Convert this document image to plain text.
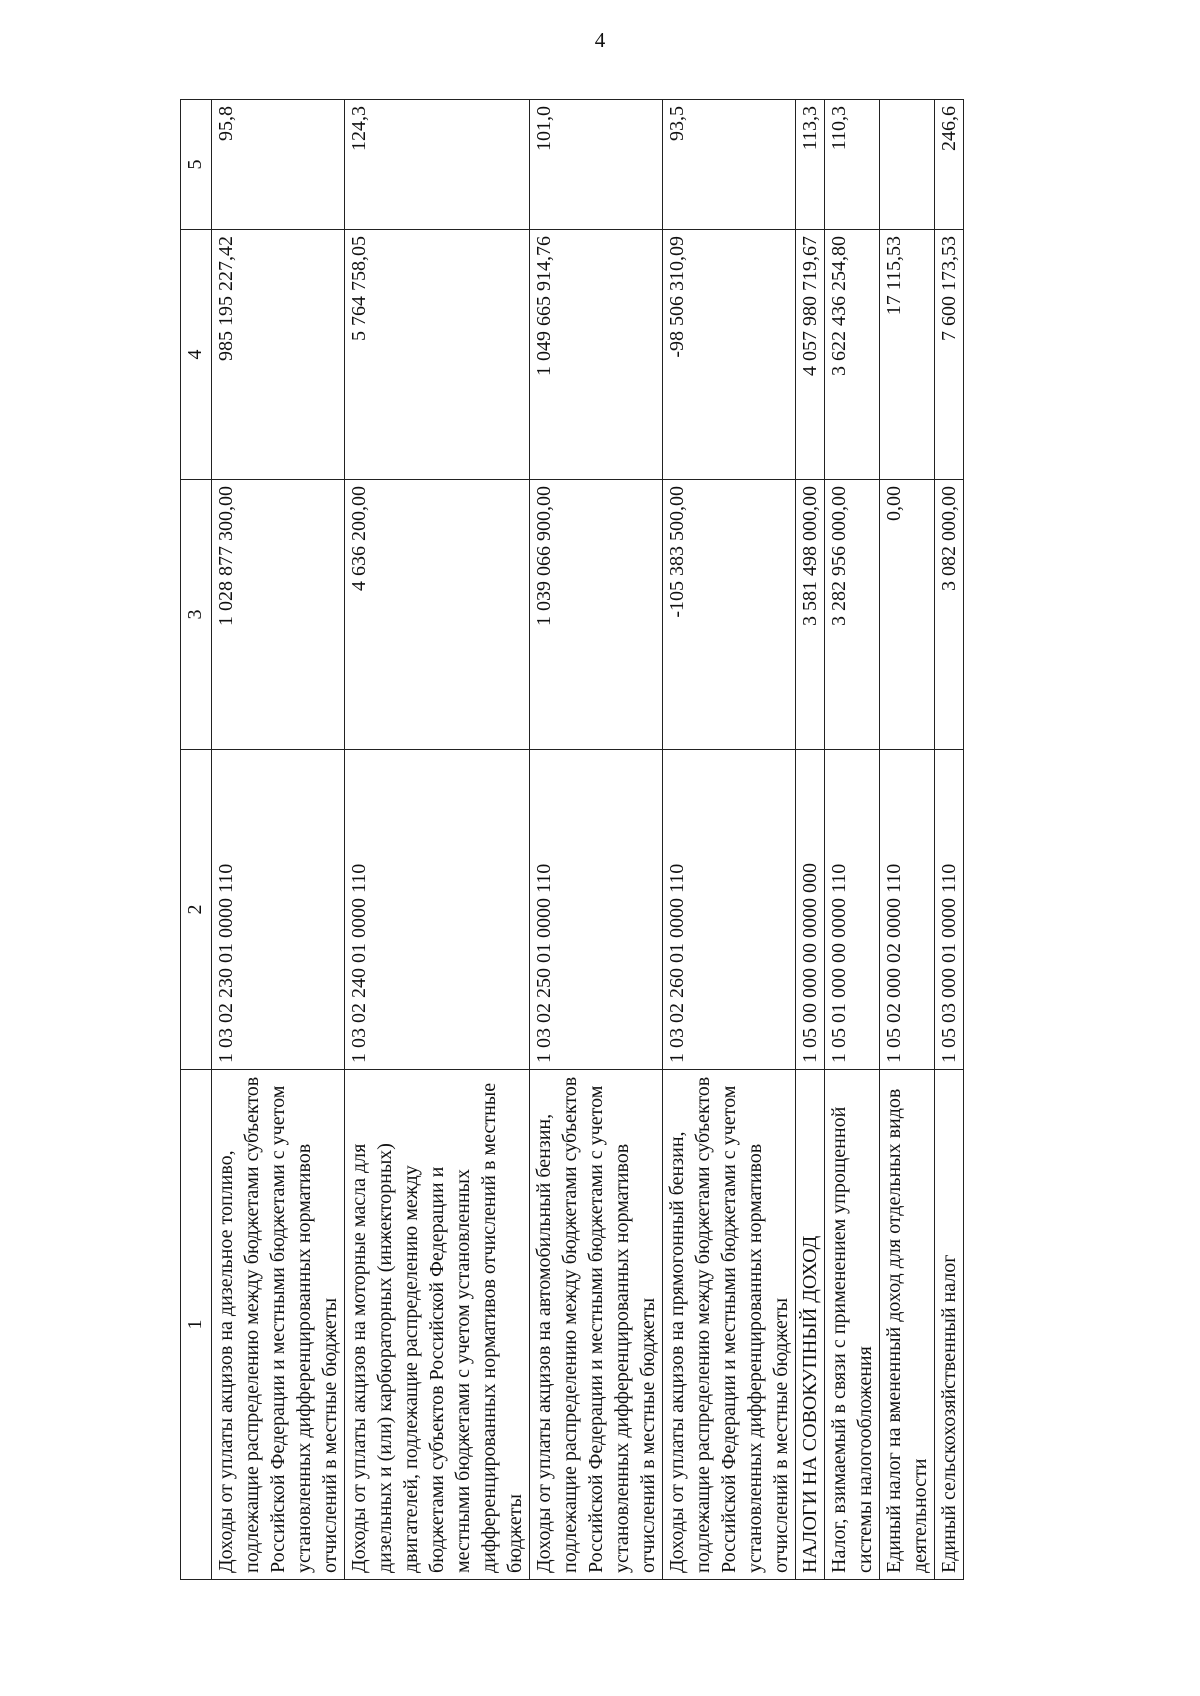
4
1	2	3	4	5
Доходы от уплаты акцизов на дизельное топливо, подлежащие распределению между бюджетами субъектов Российской Федерации и местными бюджетами с учетом установленных дифференцированных нормативов отчислений в местные бюджеты	1 03 02 230 01 0000 110	1 028 877 300,00	985 195 227,42	95,8
Доходы от уплаты акцизов на моторные масла для дизельных и (или) карбюраторных (инжекторных) двигателей, подлежащие распределению между бюджетами субъектов Российской Федерации и местными бюджетами с учетом установленных дифференцированных нормативов отчислений в местные бюджеты	1 03 02 240 01 0000 110	4 636 200,00	5 764 758,05	124,3
Доходы от уплаты акцизов на автомобильный бензин, подлежащие распределению между бюджетами субъектов Российской Федерации и местными бюджетами с учетом установленных дифференцированных нормативов отчислений в местные бюджеты	1 03 02 250 01 0000 110	1 039 066 900,00	1 049 665 914,76	101,0
Доходы от уплаты акцизов на прямогонный бензин, подлежащие распределению между бюджетами субъектов Российской Федерации и местными бюджетами с учетом установленных дифференцированных нормативов отчислений в местные бюджеты	1 03 02 260 01 0000 110	-105 383 500,00	-98 506 310,09	93,5
НАЛОГИ НА СОВОКУПНЫЙ ДОХОД	1 05 00 000 00 0000 000	3 581 498 000,00	4 057 980 719,67	113,3
Налог, взимаемый в связи с применением упрощенной системы налогообложения	1 05 01 000 00 0000 110	3 282 956 000,00	3 622 436 254,80	110,3
Единый налог на вмененный доход для отдельных видов деятельности	1 05 02 000 02 0000 110	0,00	17 115,53	
Единый сельскохозяйственный налог	1 05 03 000 01 0000 110	3 082 000,00	7 600 173,53	246,6
